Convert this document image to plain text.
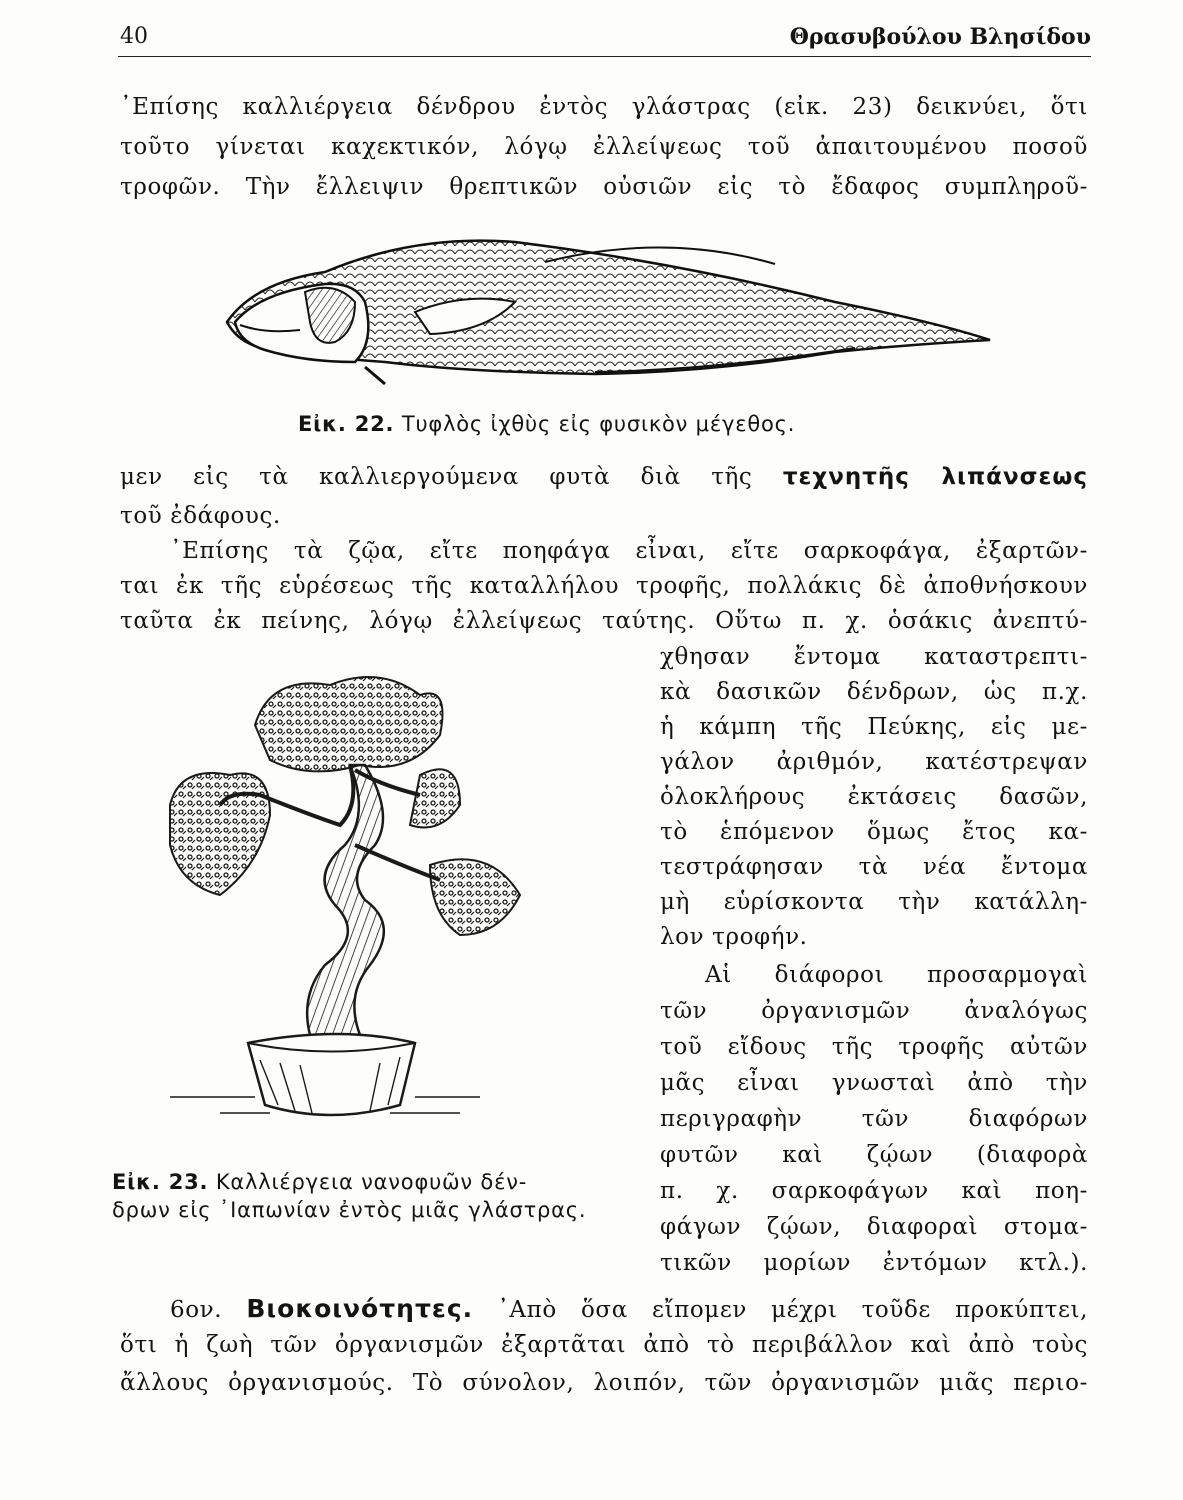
40	Θρασυβούλου Βλησίδου
᾿Επίσης καλλιέργεια δένδρου ἐντὸς γλάστρας (εἰκ. 23) δεικνύει, ὅτι
τοῦτο γίνεται καχεκτικόν, λόγῳ ἐλλείψεως τοῦ ἀπαιτουμένου ποσοῦ
τροφῶν. Τὴν ἔλλειψιν θρεπτικῶν οὐσιῶν εἰς τὸ ἔδαφος συμπληροῦ-
Εἰκ. 22. Τυφλὸς ἰχθὺς εἰς φυσικὸν μέγεθος.
μεν εἰς τὰ καλλιεργούμενα φυτὰ διὰ τῆς τεχνητῆς λιπάνσεως
τοῦ ἐδάφους.
᾿Επίσης τὰ ζῷα, εἴτε ποηφάγα εἶναι, εἴτε σαρκοφάγα, ἐξαρτῶν-
ται ἐκ τῆς εὑρέσεως τῆς καταλλήλου τροφῆς, πολλάκις δὲ ἀποθνήσκουν
ταῦτα ἐκ πείνης, λόγῳ ἐλλείψεως ταύτης. Οὕτω π. χ. ὁσάκις ἀνεπτύ-
Εἰκ. 23. Καλλιέργεια νανοφυῶν δέν-
δρων εἰς ᾿Ιαπωνίαν ἐντὸς μιᾶς γλάστρας.
χθησαν ἔντομα καταστρεπτι-
κὰ δασικῶν δένδρων, ὡς π.χ.
ἡ κάμπη τῆς Πεύκης, εἰς με-
γάλον ἀριθμόν, κατέστρεψαν
ὁλοκλήρους ἐκτάσεις δασῶν,
τὸ ἑπόμενον ὅμως ἔτος κα-
τεστράφησαν τὰ νέα ἔντομα
μὴ εὑρίσκοντα τὴν κατάλλη-
λον τροφήν.
Αἱ διάφοροι προσαρμογαὶ
τῶν ὀργανισμῶν ἀναλόγως
τοῦ εἴδους τῆς τροφῆς αὐτῶν
μᾶς εἶναι γνωσταὶ ἀπὸ τὴν
περιγραφὴν τῶν διαφόρων
φυτῶν καὶ ζῴων (διαφορὰ
π. χ. σαρκοφάγων καὶ ποη-
φάγων ζῴων, διαφοραὶ στομα-
τικῶν μορίων ἐντόμων κτλ.).
6ον. Βιοκοινότητες. ᾿Απὸ ὅσα εἴπομεν μέχρι τοῦδε προκύπτει,
ὅτι ἡ ζωὴ τῶν ὀργανισμῶν ἐξαρτᾶται ἀπὸ τὸ περιβάλλον καὶ ἀπὸ τοὺς
ἄλλους ὀργανισμούς. Τὸ σύνολον, λοιπόν, τῶν ὀργανισμῶν μιᾶς περιο-
